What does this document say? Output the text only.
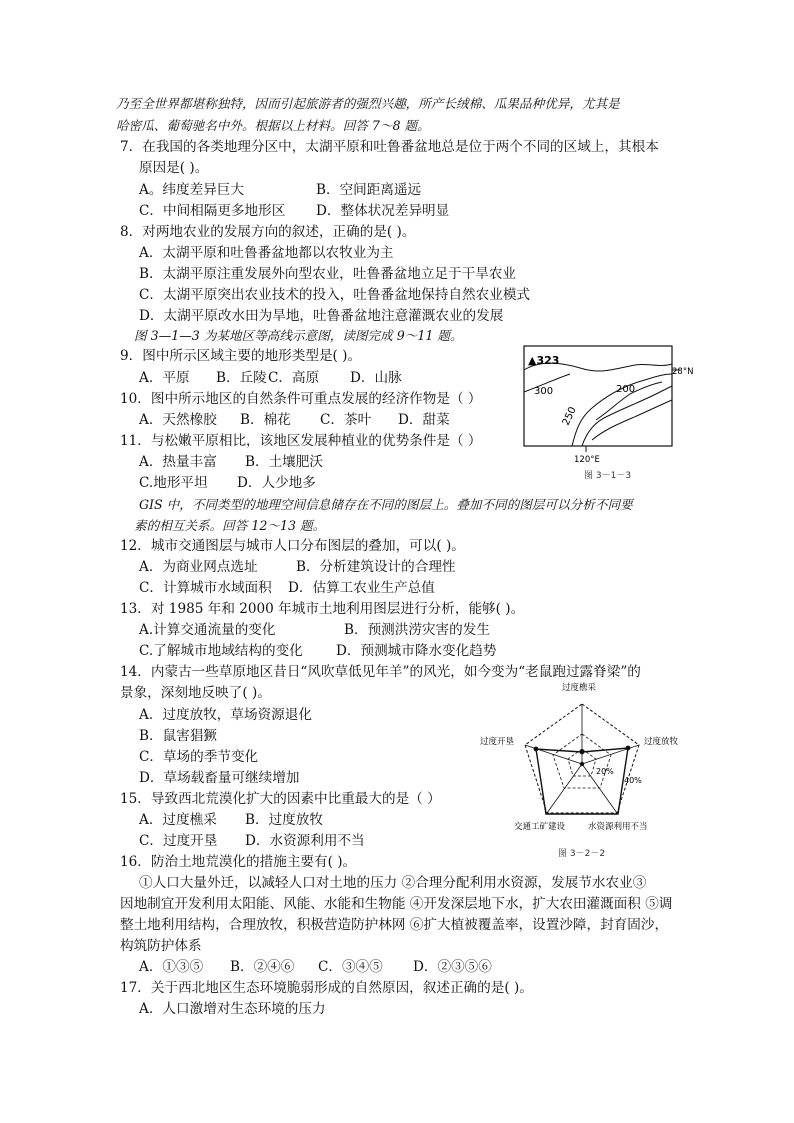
乃至全世界都堪称独特，因而引起旅游者的强烈兴趣，所产长绒棉、瓜果品种优异，尤其是
哈密瓜、葡萄驰名中外。根据以上材料。回答 7～8 题。
7．在我国的各类地理分区中，太湖平原和吐鲁番盆地总是位于两个不同的区域上，其根本
原因是( )。
A。纬度差异巨大	B．空间距离遥远
C．中间相隔更多地形区 D．整体状况差异明显
8．对两地农业的发展方向的叙述，正确的是( )。
A．太湖平原和吐鲁番盆地都以农牧业为主
B．太湖平原注重发展外向型农业，吐鲁番盆地立足于干旱农业
C．太湖平原突出农业技术的投入，吐鲁番盆地保持自然农业模式
D．太湖平原改水田为旱地，吐鲁番盆地注意灌溉农业的发展
图 3—1—3 为某地区等高线示意图，读图完成 9～11 题。
9．图中所示区域主要的地形类型是( )。
A．平原 B．丘陵 C．高原 D．山脉
10．图中所示地区的自然条件可重点发展的经济作物是（ ）
A．天然橡胶 B．棉花 C．茶叶 D．甜菜
11．与松嫩平原相比，该地区发展种植业的优势条件是（ ）
A．热量丰富 B．土壤肥沃
C.地形平坦 D．人少地多
GIS 中，不同类型的地理空间信息储存在不同的图层上。叠加不同的图层可以分析不同要
素的相互关系。回答 12～13 题。
12．城市交通图层与城市人口分布图层的叠加，可以( )。
A．为商业网点选址	B．分析建筑设计的合理性
C．计算城市水域面积 D．估算工农业生产总值
13．对 1985 年和 2000 年城市土地利用图层进行分析，能够( )。
A.计算交通流量的变化	B．预测洪涝灾害的发生
C.了解城市地域结构的变化 D．预测城市降水变化趋势
14．内蒙古一些草原地区昔日“风吹草低见年羊”的风光，如今变为“老鼠跑过露脊梁”的
景象，深刻地反映了( )。
A．过度放牧，草场资源退化
B．鼠害猖獗
C．草场的季节变化
D．草场载畜量可继续增加
15．导致西北荒漠化扩大的因素中比重最大的是（ ）
A．过度樵采 B．过度放牧
C．过度开垦 D．水资源利用不当
16．防治土地荒漠化的措施主要有( )。
①人口大量外迁，以减轻人口对土地的压力 ②合理分配利用水资源，发展节水农业③
因地制宜开发利用太阳能、风能、水能和生物能 ④开发深层地下水，扩大农田灌溉面积 ⑤调
整土地利用结构，合理放牧，积极营造防护林网 ⑥扩大植被覆盖率，设置沙障，封育固沙，
构筑防护体系
A．①③⑤ B．②④⑥ C．③④⑤ D．②③⑤⑥
17．关于西北地区生态环境脆弱形成的自然原因，叙述正确的是( )。
A．人口激增对生态环境的压力
▲323
300	200
250
28°N
120°E
图 3－1－3
过度樵采
过度放牧
过度开垦
交通工矿建设	水资源利用不当
20%
40%
图 3－2－2
